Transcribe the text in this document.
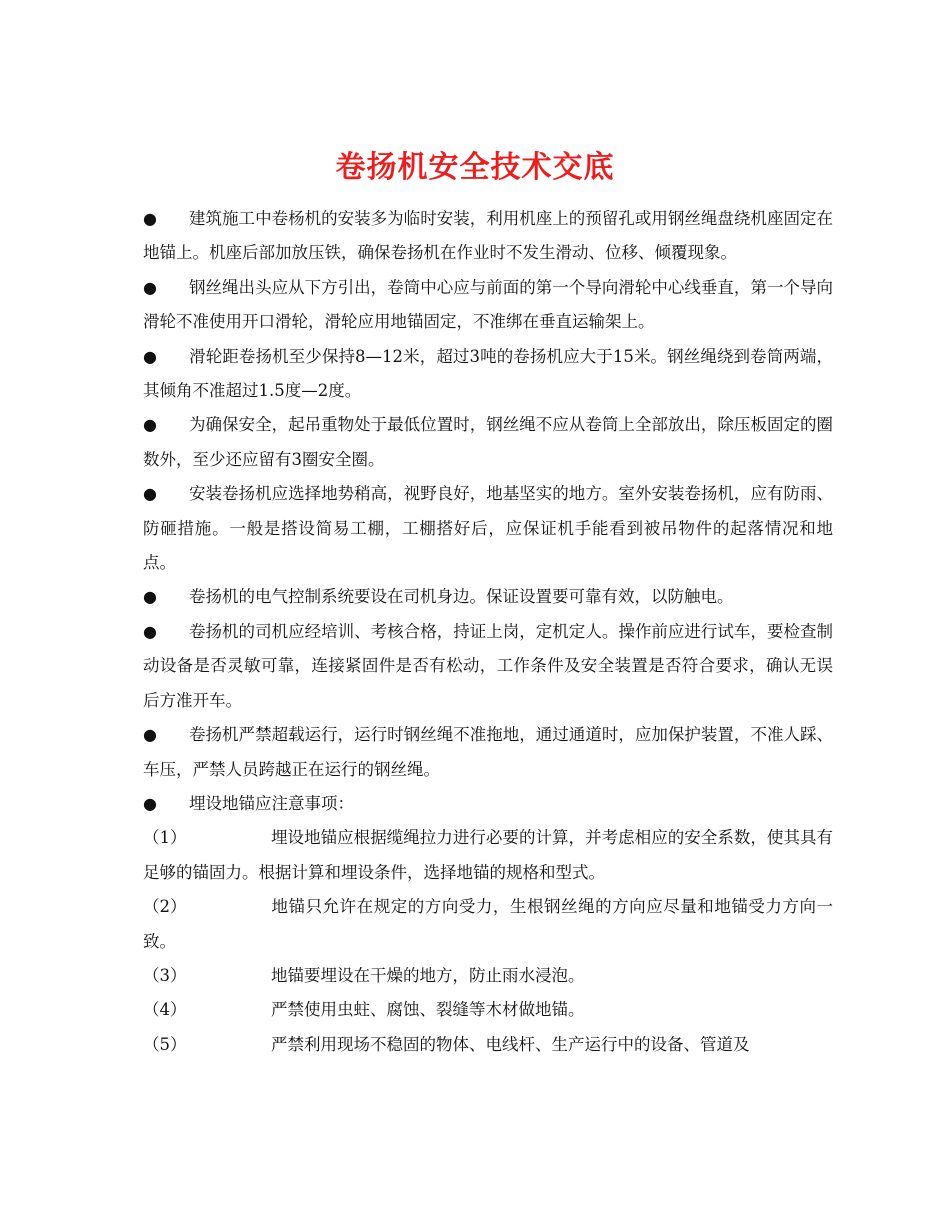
卷扬机安全技术交底

● 建筑施工中卷杨机的安装多为临时安装，利用机座上的预留孔或用钢丝绳盘绕机座固定在地锚上。机座后部加放压铁，确保卷扬机在作业时不发生滑动、位移、倾覆现象。

● 钢丝绳出头应从下方引出，卷筒中心应与前面的第一个导向滑轮中心线垂直，第一个导向滑轮不准使用开口滑轮，滑轮应用地锚固定，不准绑在垂直运输架上。

● 滑轮距卷扬机至少保持8—12米，超过3吨的卷扬机应大于15米。钢丝绳绕到卷筒两端，其倾角不准超过1.5度—2度。

● 为确保安全，起吊重物处于最低位置时，钢丝绳不应从卷筒上全部放出，除压板固定的圈数外，至少还应留有3圈安全圈。

● 安装卷扬机应选择地势稍高，视野良好，地基坚实的地方。室外安装卷扬机，应有防雨、防砸措施。一般是搭设简易工棚，工棚搭好后，应保证机手能看到被吊物件的起落情况和地点。

● 卷扬机的电气控制系统要设在司机身边。保证设置要可靠有效，以防触电。

● 卷扬机的司机应经培训、考核合格，持证上岗，定机定人。操作前应进行试车，要检查制动设备是否灵敏可靠，连接紧固件是否有松动，工作条件及安全装置是否符合要求，确认无误后方准开车。

● 卷扬机严禁超载运行，运行时钢丝绳不准拖地，通过通道时，应加保护装置，不准人踩、车压，严禁人员跨越正在运行的钢丝绳。

● 埋设地锚应注意事项：

（1）	埋设地锚应根据缆绳拉力进行必要的计算，并考虑相应的安全系数，使其具有足够的锚固力。根据计算和埋设条件，选择地锚的规格和型式。

（2）	地锚只允许在规定的方向受力，生根钢丝绳的方向应尽量和地锚受力方向一致。

（3）	地锚要埋设在干燥的地方，防止雨水浸泡。

（4）	严禁使用虫蛀、腐蚀、裂缝等木材做地锚。

（5）	严禁利用现场不稳固的物体、电线杆、生产运行中的设备、管道及
